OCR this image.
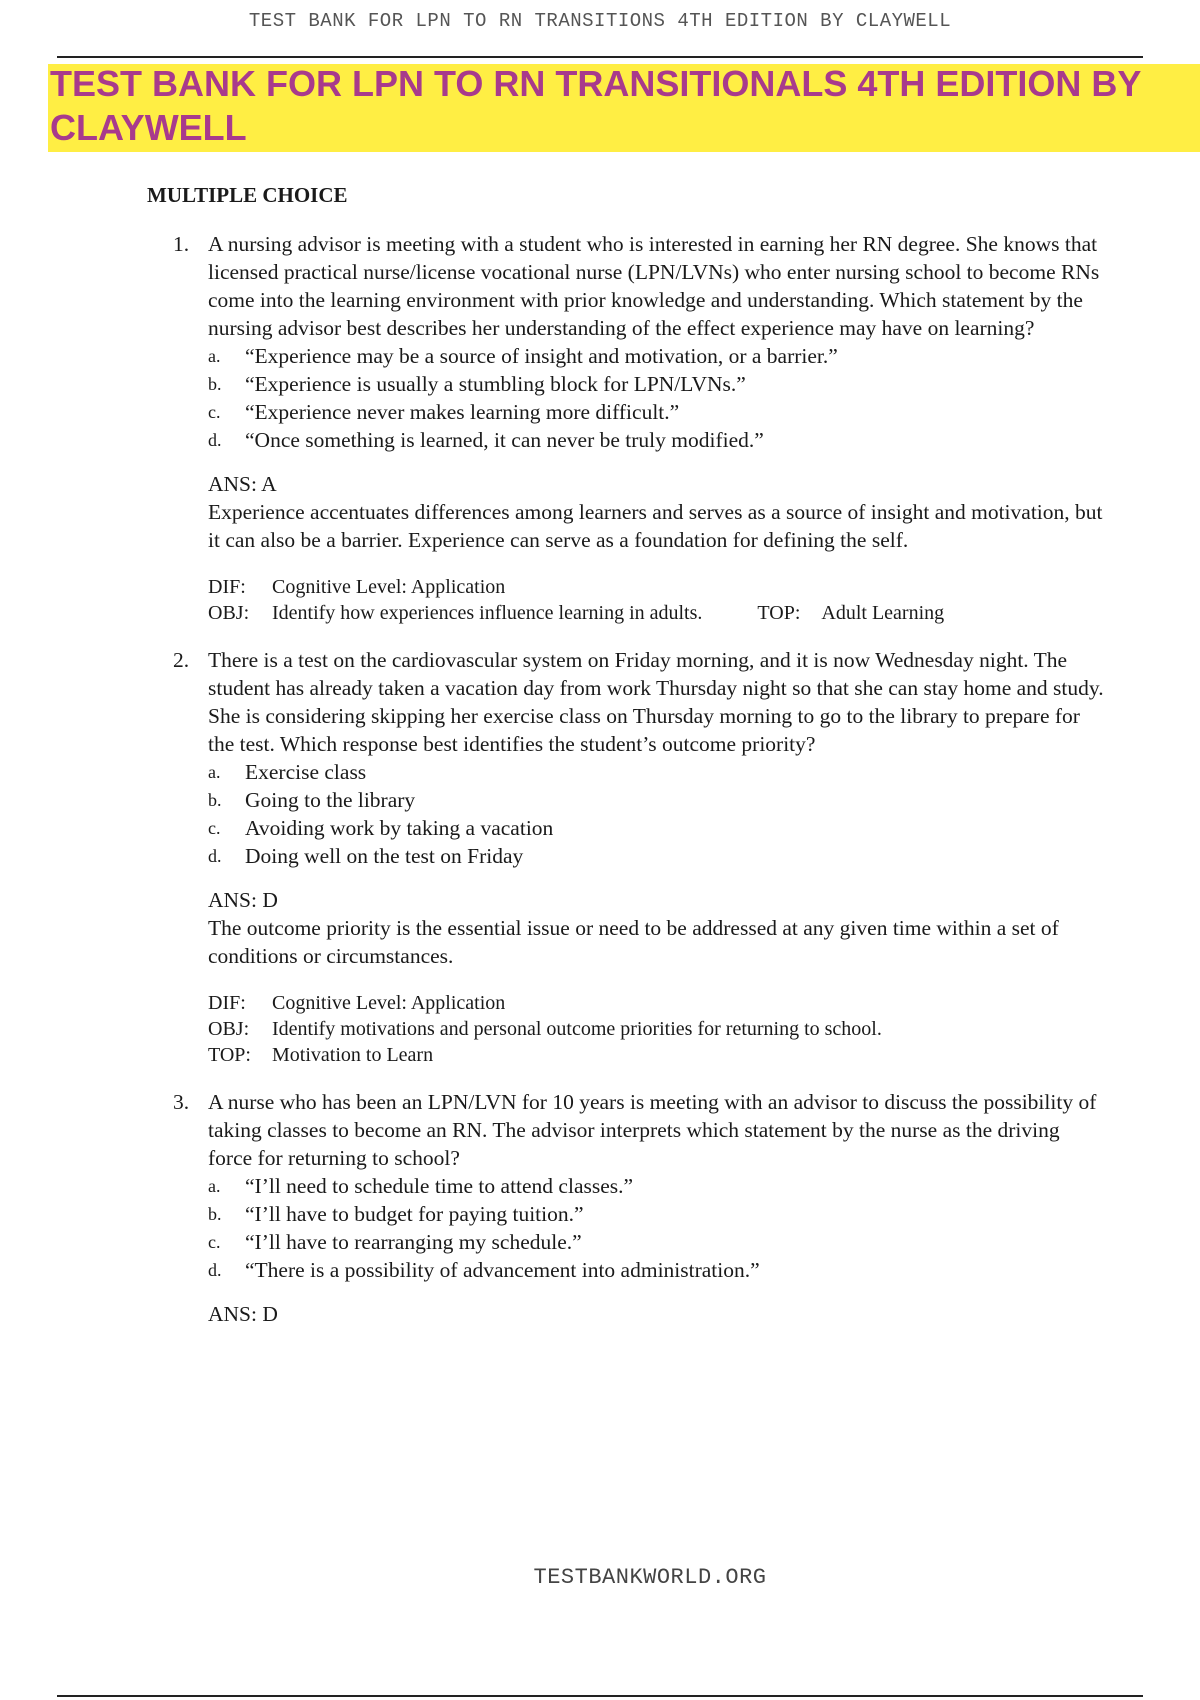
TEST BANK FOR LPN TO RN TRANSITIONS 4TH EDITION BY CLAYWELL
TEST BANK FOR LPN TO RN TRANSITIONALS 4TH EDITION BY CLAYWELL
MULTIPLE CHOICE
1. A nursing advisor is meeting with a student who is interested in earning her RN degree. She knows that licensed practical nurse/license vocational nurse (LPN/LVNs) who enter nursing school to become RNs come into the learning environment with prior knowledge and understanding. Which statement by the nursing advisor best describes her understanding of the effect experience may have on learning?

a. “Experience may be a source of insight and motivation, or a barrier.”
b. “Experience is usually a stumbling block for LPN/LVNs.”
c. “Experience never makes learning more difficult.”
d. “Once something is learned, it can never be truly modified.”
ANS: A

Experience accentuates differences among learners and serves as a source of insight and motivation, but it can also be a barrier. Experience can serve as a foundation for defining the self.

DIF: Cognitive Level: Application
OBJ: Identify how experiences influence learning in adults.	TOP: Adult Learning
2. There is a test on the cardiovascular system on Friday morning, and it is now Wednesday night. The student has already taken a vacation day from work Thursday night so that she can stay home and study. She is considering skipping her exercise class on Thursday morning to go to the library to prepare for the test. Which response best identifies the student’s outcome priority?

a. Exercise class
b. Going to the library
c. Avoiding work by taking a vacation
d. Doing well on the test on Friday
ANS: D

The outcome priority is the essential issue or need to be addressed at any given time within a set of conditions or circumstances.

DIF: Cognitive Level: Application
OBJ: Identify motivations and personal outcome priorities for returning to school.
TOP: Motivation to Learn
3. A nurse who has been an LPN/LVN for 10 years is meeting with an advisor to discuss the possibility of taking classes to become an RN. The advisor interprets which statement by the nurse as the driving force for returning to school?

a. “I’ll need to schedule time to attend classes.”
b. “I’ll have to budget for paying tuition.”
c. “I’ll have to rearranging my schedule.”
d. “There is a possibility of advancement into administration.”
ANS: D
TESTBANKWORLD.ORG
